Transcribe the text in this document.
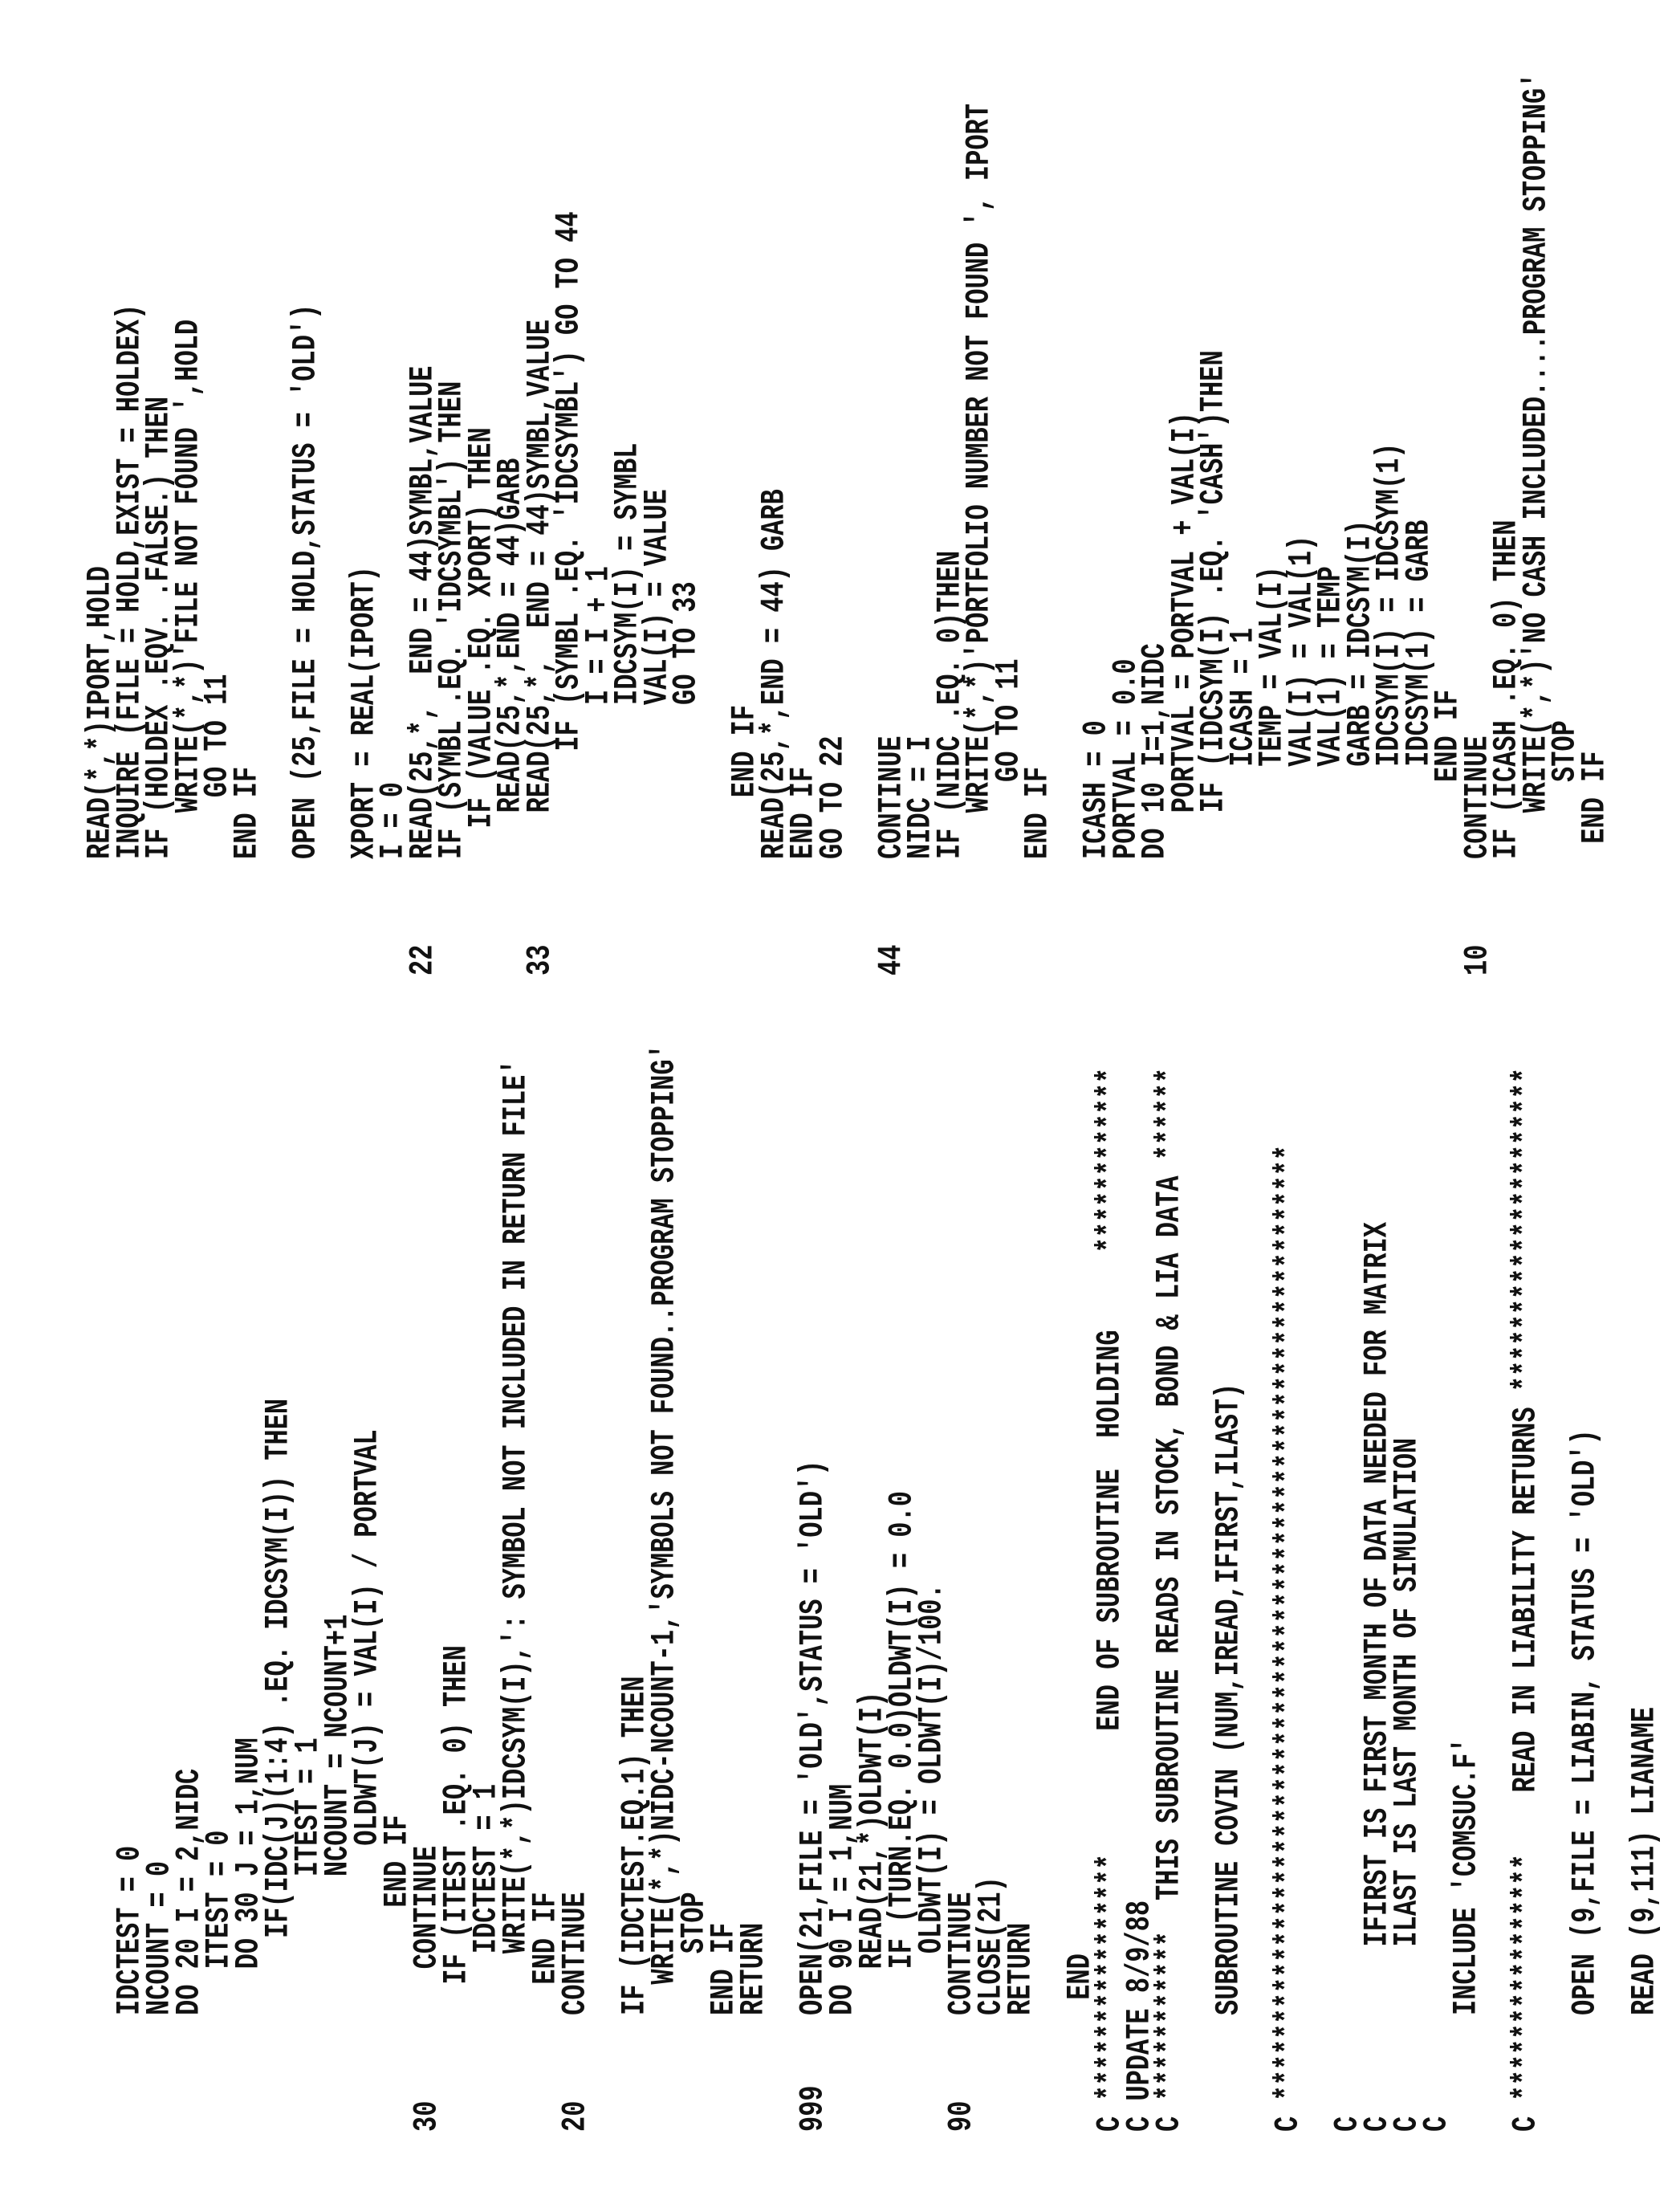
IDCTEST = 0
NCOUNT = 0
DO 20 I = 2,NIDC
ITEST = 0
DO 30 J = 1,NUM
IF(IDC(J)(1:4) .EQ. IDCSYM(I)) THEN
ITEST = 1
NCOUNT = NCOUNT+1
OLDWT(J) = VAL(I) / PORTVAL
END IF
30
CONTINUE
IF (ITEST .EQ. 0) THEN
IDCTEST = 1
WRITE(*,*)IDCSYM(I),': SYMBOL NOT INCLUDED IN RETURN FILE'
END IF
20
CONTINUE IF (IDCTEST.EQ.1) THEN
WRITE(*,*)NIDC-NCOUNT-1,'SYMBOLS NOT FOUND..PROGRAM STOPPING'
STOP
END IF
RETURN
999
OPEN(21,FILE = 'OLD',STATUS = 'OLD')
DO 90 I = 1,NUM
READ(21,*)OLDWT(I)
IF (TURN.EQ. 0.0)OLDWT(I) = 0.0
OLDWT(I) = OLDWT(I)/100.
90
CONTINUE
CLOSE(21)
RETURN END
C ****************        END OF SUBROUTINE  HOLDING     ************
C UPDATE 8/9/88
C ***********  THIS SUBROUTINE READS IN STOCK, BOND & LIA DATA ****** SUBROUTINE COVIN (NUM,IREAD,IFIRST,ILAST) C ************************************************************** C
C           IFIRST IS FIRST MONTH OF DATA NEEDED FOR MATRIX
C           ILAST IS LAST MONTH OF SIMULATION
C
INCLUDE 'COMSUC.F' C ****************    READ IN LIABILITY RETURNS ********************* OPEN (9,FILE = LIABIN, STATUS = 'OLD') READ (9,111) LIANAME
READ(*,*)IPORT,HOLD
INQUIRE (FILE = HOLD,EXIST = HOLDEX)
IF (HOLDEX .EQV. .FALSE.) THEN
WRITE(*,*)'FILE NOT FOUND ',HOLD
GO TO 11
END IF OPEN (25,FILE = HOLD,STATUS = 'OLD') XPORT = REAL(IPORT)
I = 0
22
READ(25,*,  END = 44)SYMBL,VALUE
IF (SYMBL .EQ. 'IDCSYMBL') THEN
IF (VALUE .EQ. XPORT) THEN
READ(25,*,END = 44)GARB
33
READ(25,*,  END = 44)SYMBL,VALUE
IF (SYMBL .EQ. 'IDCSYMBL') GO TO 44
I = I + 1
IDCSYM(I) = SYMBL
VAL(I) = VALUE
GO TO 33 END IF
READ(25,*,END = 44) GARB
END IF
GO TO 22
44
CONTINUE
NIDC = I
IF (NIDC .EQ. 0)THEN
WRITE(*,*)'PORTFOLIO NUMBER NOT FOUND ', IPORT
GO TO 11
END IF ICASH = 0
PORTVAL = 0.0
DO 10 I=1,NIDC
PORTVAL = PORTVAL + VAL(I)
IF (IDCSYM(I) .EQ. 'CASH')THEN
ICASH = 1
TEMP = VAL(I)
VAL(I) = VAL(1)
VAL(1) = TEMP
GARB = IDCSYM(I)
IDCSYM(I) = IDCSYM(1)
IDCSYM(1) = GARB
END IF
10
CONTINUE
IF (ICASH .EQ. 0) THEN
WRITE(*,*)'NO CASH INCLUDED....PROGRAM STOPPING'
STOP
END IF
